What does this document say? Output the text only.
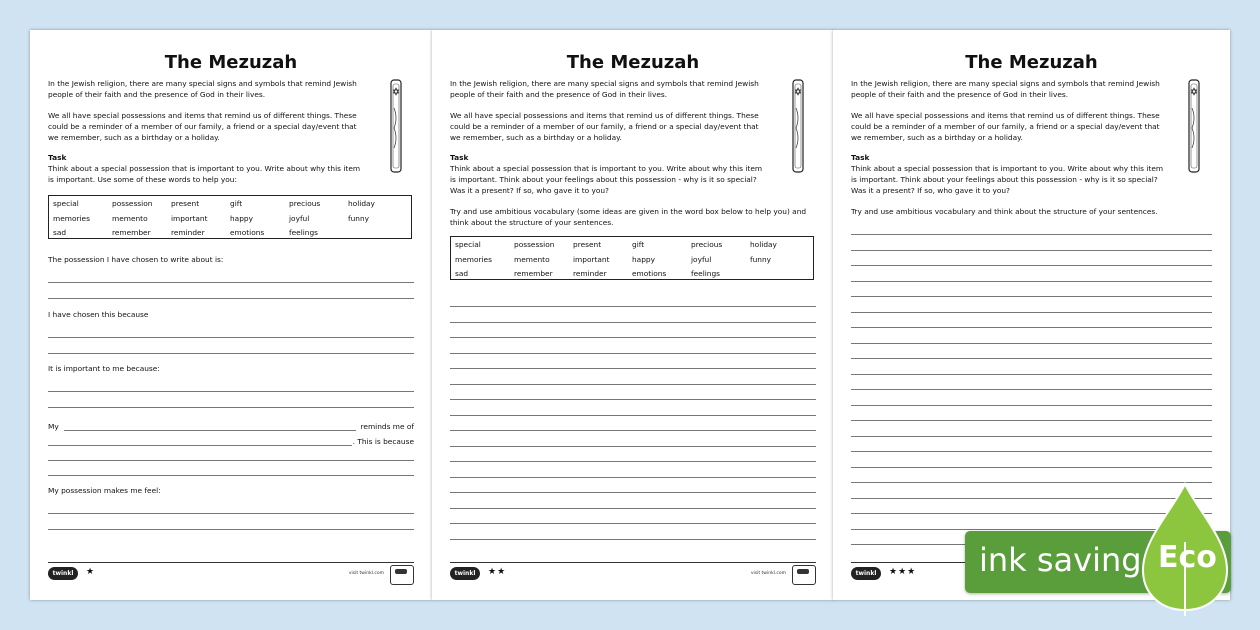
The Mezuzah
In the Jewish religion, there are many special signs and symbols that remind Jewish people of their faith and the presence of God in their lives.
We all have special possessions and items that remind us of different things. These could be a reminder of a member of our family, a friend or a special day/event that we remember, such as a birthday or a holiday.
Task
Think about a special possession that is important to you. Write about why this item is important. Use some of these words to help you:
special	possession	present	gift	precious	holiday
memories	memento	important	happy	joyful	funny
sad	remember	reminder	emotions	feelings
The possession I have chosen to write about is:
I have chosen this because
It is important to me because:
My	reminds me of
. This is because
My possession makes me feel:
twinkl	★	visit twinkl.com
The Mezuzah
In the Jewish religion, there are many special signs and symbols that remind Jewish people of their faith and the presence of God in their lives.
We all have special possessions and items that remind us of different things. These could be a reminder of a member of our family, a friend or a special day/event that we remember, such as a birthday or a holiday.
Task
Think about a special possession that is important to you. Write about why this item is important. Think about your feelings about this possession - why is it so special? Was it a present? If so, who gave it to you?
Try and use ambitious vocabulary (some ideas are given in the word box below to help you) and think about the structure of your sentences.
special	possession	present	gift	precious	holiday
memories	memento	important	happy	joyful	funny
sad	remember	reminder	emotions	feelings
twinkl	★★	visit twinkl.com
The Mezuzah
In the Jewish religion, there are many special signs and symbols that remind Jewish people of their faith and the presence of God in their lives.
We all have special possessions and items that remind us of different things. These could be a reminder of a member of our family, a friend or a special day/event that we remember, such as a birthday or a holiday.
Task
Think about a special possession that is important to you. Write about why this item is important. Think about your feelings about this possession - why is it so special? Was it a present? If so, who gave it to you?
Try and use ambitious vocabulary and think about the structure of your sentences.
twinkl	★★★ ink saving Eco
